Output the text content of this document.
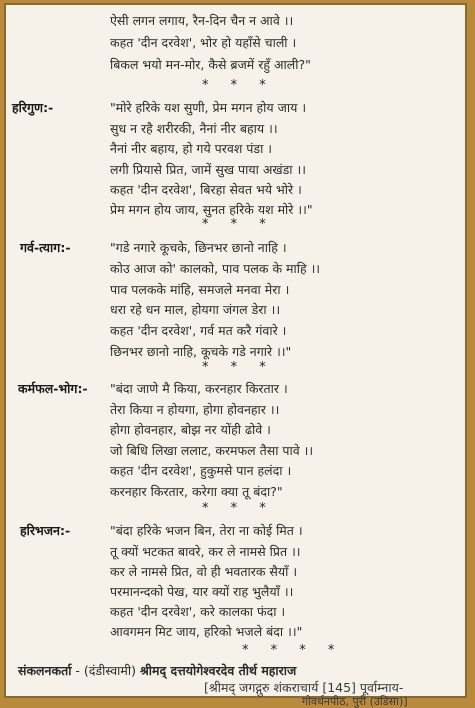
ऐसी लगन लगाय, रैन-दिन चैन न आवे ।।
कहत 'दीन दरवेश', भोर हो यहाँसे चाली ।
बिकल भयो मन-मोर, कैसे ब्रजमें रहुँ आली?"
* * *
हरिगुण:-	"मोरे हरिके यश सुणी, प्रेम मगन होय जाय ।
सुध न रहै शरीरकी, नैनां नीर बहाय ।।
नैनां नीर बहाय, हो गये परवश पंडा ।
लगी प्रियासे प्रित, जामें सुख पाया अखंडा ।।
कहत 'दीन दरवेश', बिरहा सेवत भये भोरे ।
प्रेम मगन होय जाय, सुनत हरिके यश मोरे ।।"
* * *
गर्व-त्याग:-	"गडे नगारे कूचके, छिनभर छानो नाहि ।
कोउ आज को' कालको, पाव पलक के माहि ।।
पाव पलकके मांहि, समजले मनवा मेरा ।
धरा रहे धन माल, होयगा जंगल डेरा ।।
कहत 'दीन दरवेश', गर्व मत करै गंवारे ।
छिनभर छानो नाहि, कूचके गडे नगारे ।।"
* * *
कर्मफल-भोग:- "बंदा जाणे मै किया, करनहार किरतार ।
तेरा किया न होयगा, होगा होवनहार ।।
होगा होवनहार, बोझ नर योंही ढोवे ।
जो बिधि लिखा ललाट, करमफल तैसा पावे ।।
कहत 'दीन दरवेश', हुकुमसे पान हलंदा ।
करनहार किरतार, करेगा क्या तू बंदा?"
* * *
हरिभजन:-	"बंदा हरिके भजन बिन, तेरा ना कोई मित ।
तू क्यों भटकत बावरे, कर ले नामसे प्रित ।।
कर ले नामसे प्रित, वो ही भवतारक सैयाँ ।
परमानन्दको पेख, यार क्यों राह भुलैयाँ ।।
कहत 'दीन दरवेश', करे कालका फंदा ।
आवगमन मिट जाय, हरिको भजले बंदा ।।"
* * * *
संकलनकर्ता - (दंडीस्वामी) श्रीमद् दत्तयोगेश्वरदेव तीर्थ महाराज
[श्रीमद् जगद्गुरु शंकराचार्य [145] पूर्वाम्नाय-
गोवर्धनपीठ, पुरी (उडिसा)]
